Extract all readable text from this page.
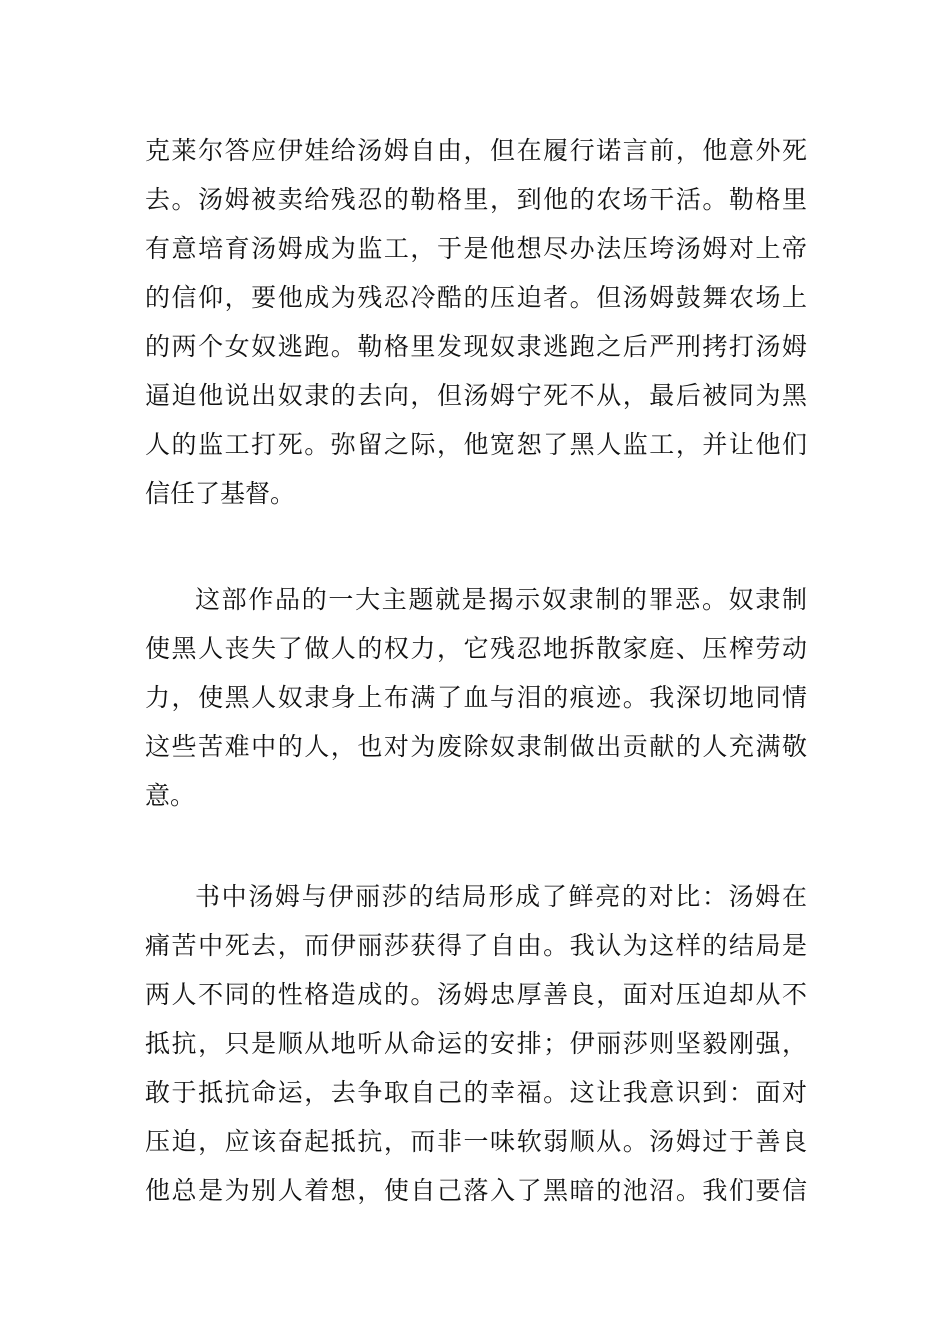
克莱尔答应伊娃给汤姆自由，但在履行诺言前，他意外死
去。汤姆被卖给残忍的勒格里，到他的农场干活。勒格里
有意培育汤姆成为监工，于是他想尽办法压垮汤姆对上帝
的信仰，要他成为残忍冷酷的压迫者。但汤姆鼓舞农场上
的两个女奴逃跑。勒格里发现奴隶逃跑之后严刑拷打汤姆
逼迫他说出奴隶的去向，但汤姆宁死不从，最后被同为黑
人的监工打死。弥留之际，他宽恕了黑人监工，并让他们
信任了基督。
这部作品的一大主题就是揭示奴隶制的罪恶。奴隶制
使黑人丧失了做人的权力，它残忍地拆散家庭、压榨劳动
力，使黑人奴隶身上布满了血与泪的痕迹。我深切地同情
这些苦难中的人，也对为废除奴隶制做出贡献的人充满敬
意。
书中汤姆与伊丽莎的结局形成了鲜亮的对比：汤姆在
痛苦中死去，而伊丽莎获得了自由。我认为这样的结局是
两人不同的性格造成的。汤姆忠厚善良，面对压迫却从不
抵抗，只是顺从地听从命运的安排；伊丽莎则坚毅刚强，
敢于抵抗命运，去争取自己的幸福。这让我意识到：面对
压迫，应该奋起抵抗，而非一味软弱顺从。汤姆过于善良
他总是为别人着想，使自己落入了黑暗的池沼。我们要信
